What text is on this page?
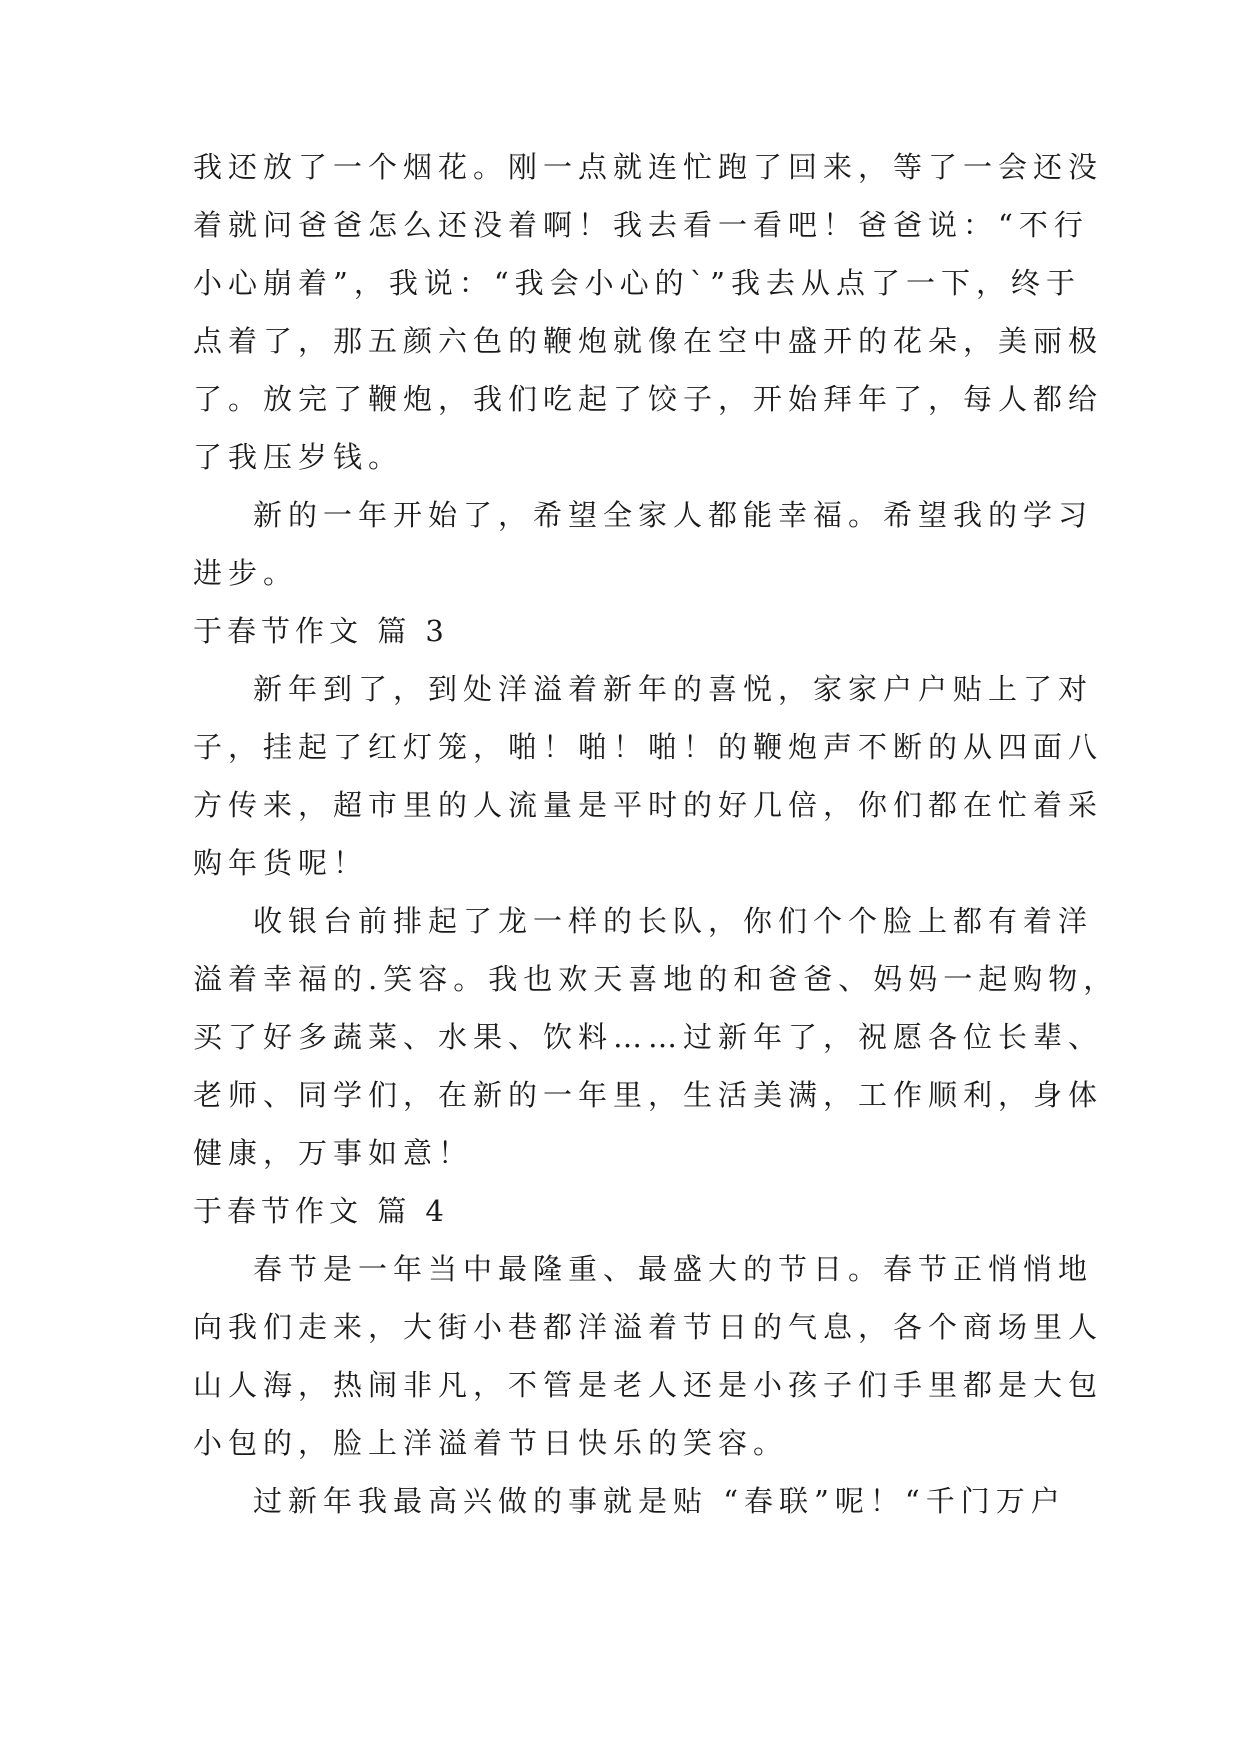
我还放了一个烟花。刚一点就连忙跑了回来，等了一会还没
着就问爸爸怎么还没着啊！我去看一看吧！爸爸说：“不行
小心崩着”，我说：“我会小心的`”我去从点了一下，终于
点着了，那五颜六色的鞭炮就像在空中盛开的花朵，美丽极
了。放完了鞭炮，我们吃起了饺子，开始拜年了，每人都给
了我压岁钱。
新的一年开始了，希望全家人都能幸福。希望我的学习
进步。
于春节作文 篇 3
新年到了，到处洋溢着新年的喜悦，家家户户贴上了对
子，挂起了红灯笼，啪！啪！啪！的鞭炮声不断的从四面八
方传来，超市里的人流量是平时的好几倍，你们都在忙着采
购年货呢！
收银台前排起了龙一样的长队，你们个个脸上都有着洋
溢着幸福的.笑容。我也欢天喜地的和爸爸、妈妈一起购物，
买了好多蔬菜、水果、饮料……过新年了，祝愿各位长辈、
老师、同学们，在新的一年里，生活美满，工作顺利，身体
健康，万事如意！
于春节作文 篇 4
春节是一年当中最隆重、最盛大的节日。春节正悄悄地
向我们走来，大街小巷都洋溢着节日的气息，各个商场里人
山人海，热闹非凡，不管是老人还是小孩子们手里都是大包
小包的，脸上洋溢着节日快乐的笑容。
过新年我最高兴做的事就是贴 “春联”呢！“千门万户
